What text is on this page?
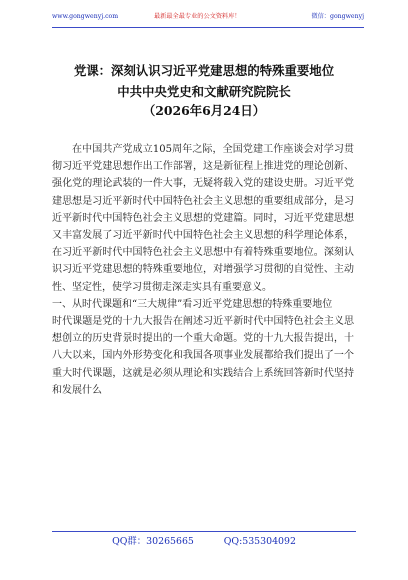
www.gongwenyj.com	最新最全最专业的公文资料库！	微信：gongwenyj
党课：深刻认识习近平党建思想的特殊重要地位
中共中央党史和文献研究院院长
（2026年6月24日）

在中国共产党成立105周年之际，全国党建工作座谈会对学习贯彻习近平党建思想作出工作部署，这是新征程上推进党的理论创新、强化党的理论武装的一件大事，无疑将载入党的建设史册。习近平党建思想是习近平新时代中国特色社会主义思想的重要组成部分，是习近平新时代中国特色社会主义思想的党建篇。同时，习近平党建思想又丰富发展了习近平新时代中国特色社会主义思想的科学理论体系，在习近平新时代中国特色社会主义思想中有着特殊重要地位。深刻认识习近平党建思想的特殊重要地位，对增强学习贯彻的自觉性、主动性、坚定性，使学习贯彻走深走实具有重要意义。

一、从时代课题和“三大规律”看习近平党建思想的特殊重要地位

时代课题是党的十九大报告在阐述习近平新时代中国特色社会主义思想创立的历史背景时提出的一个重大命题。党的十九大报告提出，十八大以来，国内外形势变化和我国各项事业发展都给我们提出了一个重大时代课题，这就是必须从理论和实践结合上系统回答新时代坚持和发展什么

QQ群：30265665	QQ:535304092
